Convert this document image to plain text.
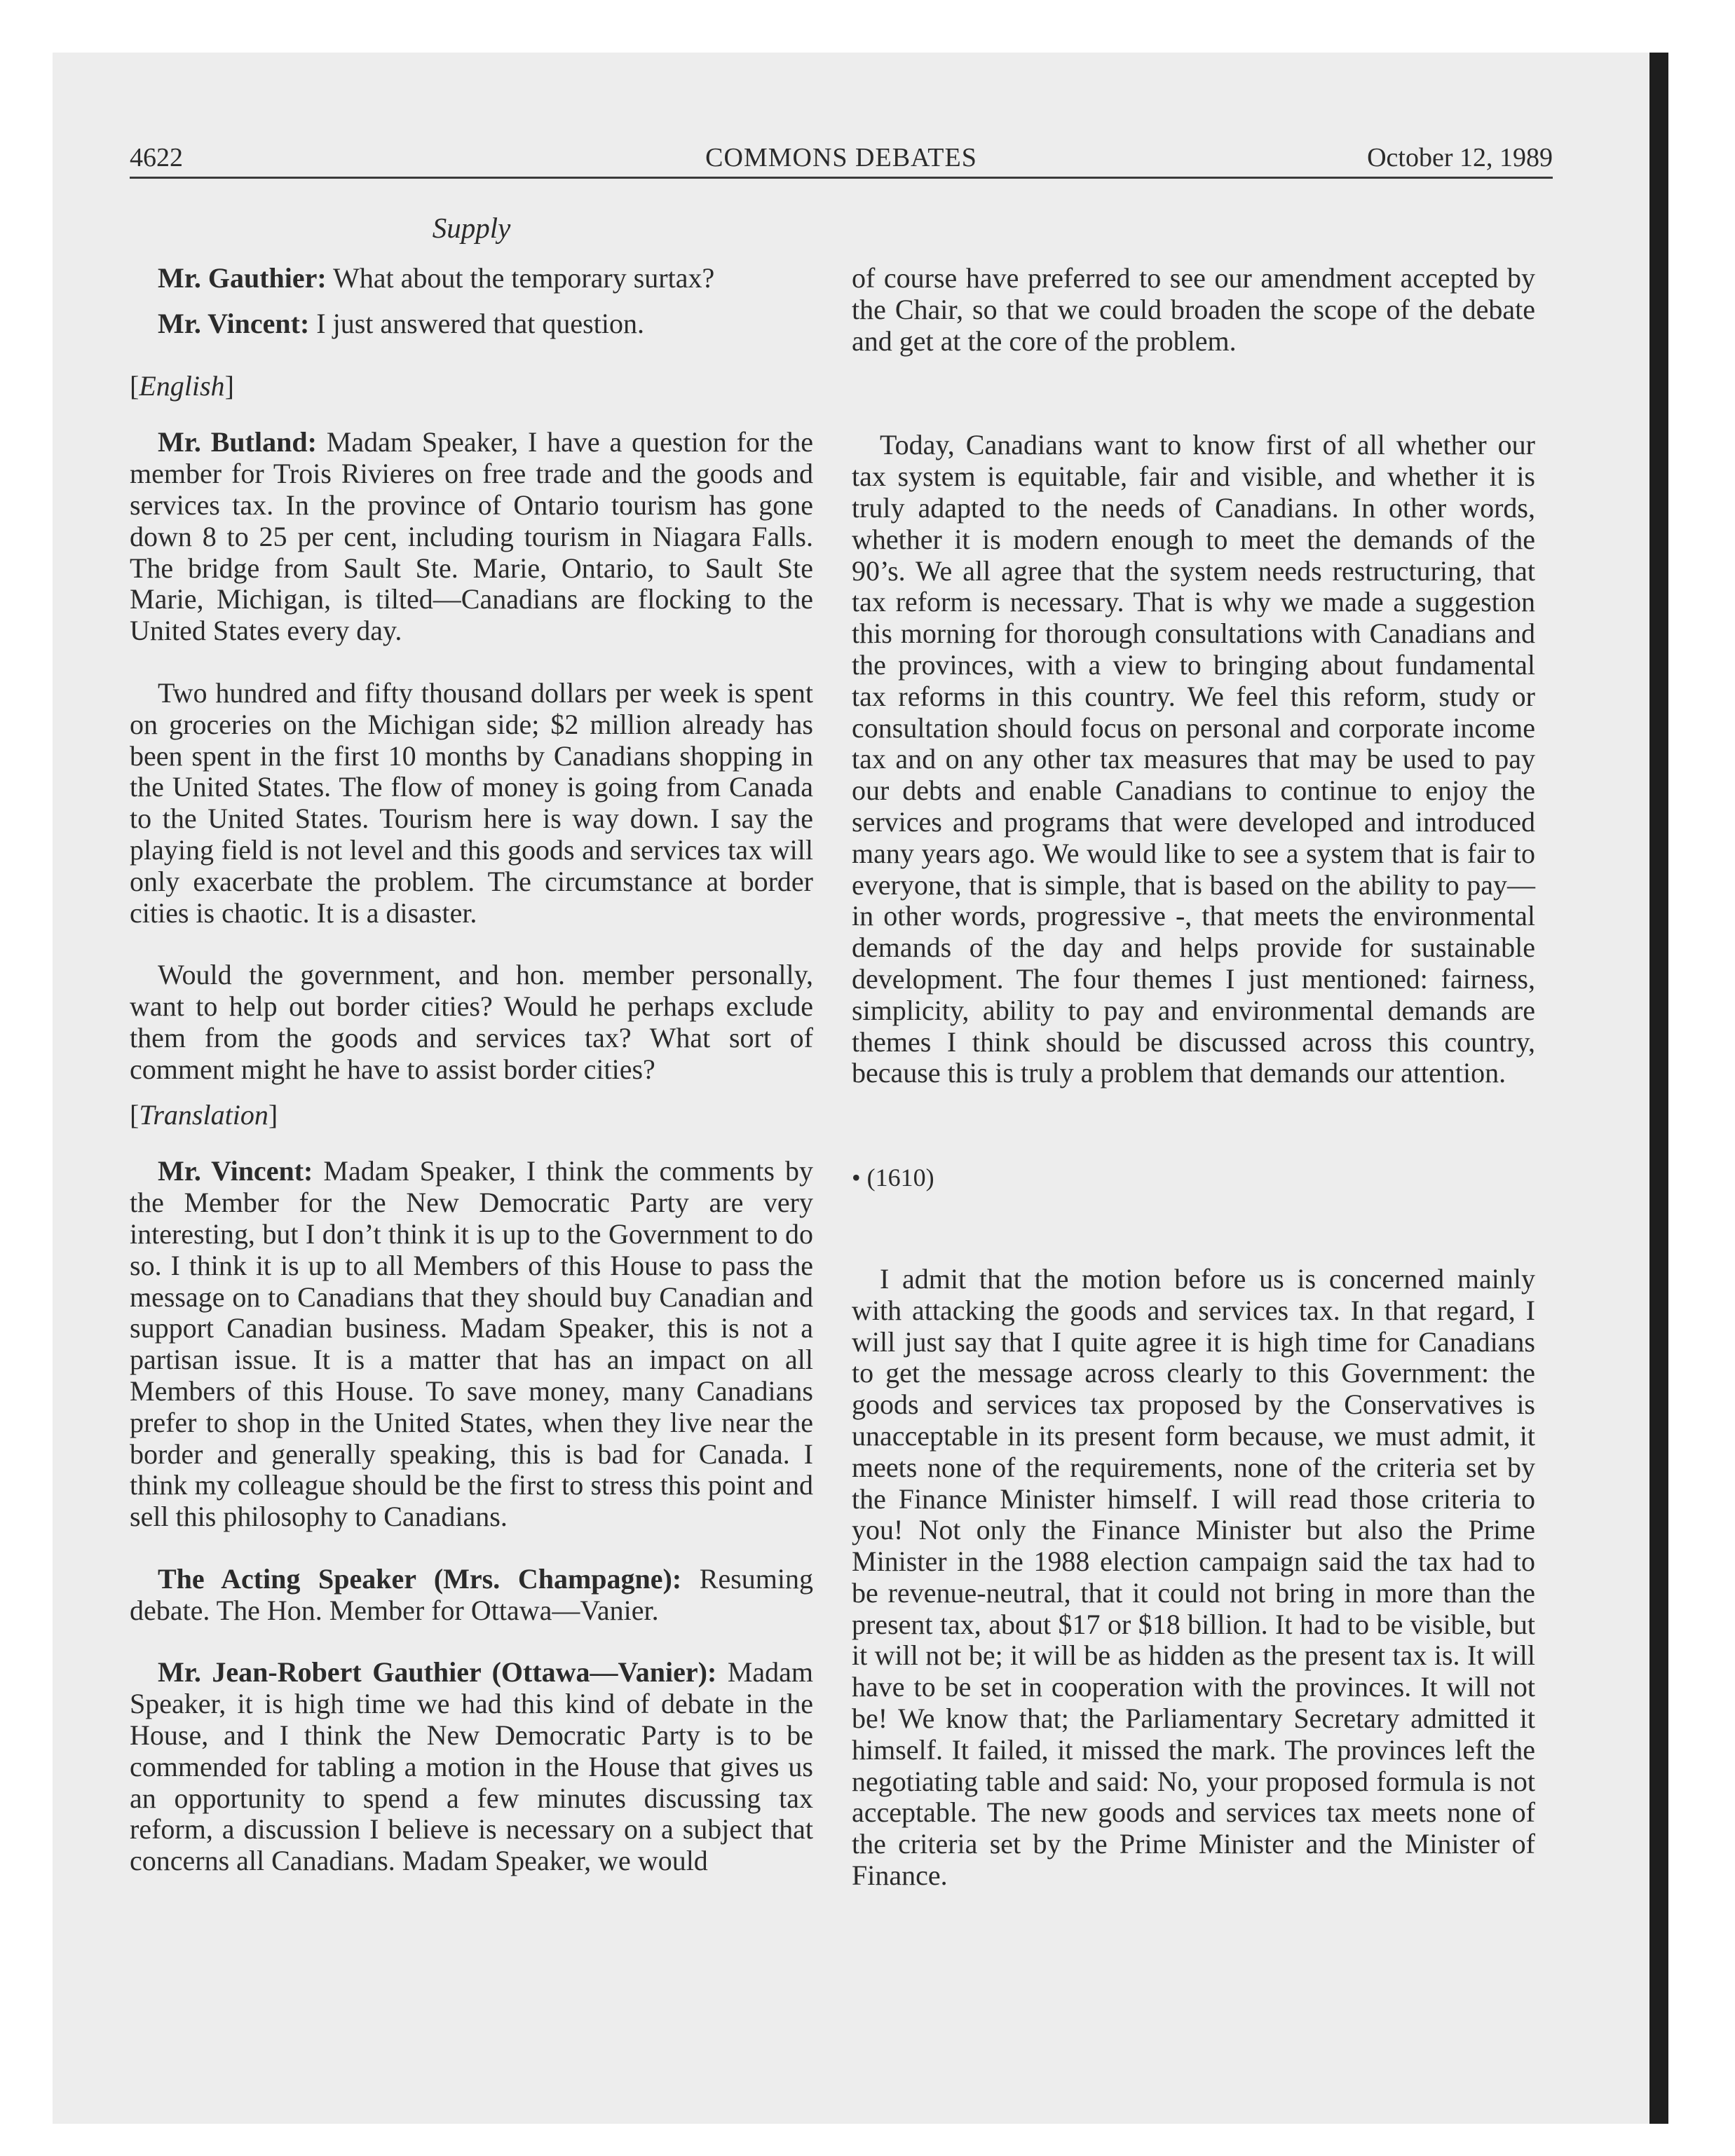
4622	COMMONS DEBATES	October 12, 1989
Supply

Mr. Gauthier: What about the temporary surtax?

Mr. Vincent: I just answered that question.

[English]

Mr. Butland: Madam Speaker, I have a question for the member for Trois Rivieres on free trade and the goods and services tax. In the province of Ontario tourism has gone down 8 to 25 per cent, including tourism in Niagara Falls. The bridge from Sault Ste. Marie, Ontario, to Sault Ste Marie, Michigan, is tilted—Canadians are flocking to the United States every day.

Two hundred and fifty thousand dollars per week is spent on groceries on the Michigan side; $2 million already has been spent in the first 10 months by Canadians shopping in the United States. The flow of money is going from Canada to the United States. Tourism here is way down. I say the playing field is not level and this goods and services tax will only exacerbate the problem. The circumstance at border cities is chaotic. It is a disaster.

Would the government, and hon. member personally, want to help out border cities? Would he perhaps exclude them from the goods and services tax? What sort of comment might he have to assist border cities?

[Translation]

Mr. Vincent: Madam Speaker, I think the comments by the Member for the New Democratic Party are very interesting, but I don’t think it is up to the Government to do so. I think it is up to all Members of this House to pass the message on to Canadians that they should buy Canadian and support Canadian business. Madam Speaker, this is not a partisan issue. It is a matter that has an impact on all Members of this House. To save money, many Canadians prefer to shop in the United States, when they live near the border and generally speaking, this is bad for Canada. I think my colleague should be the first to stress this point and sell this philosophy to Canadians.

The Acting Speaker (Mrs. Champagne): Resuming debate. The Hon. Member for Ottawa—Vanier.

Mr. Jean-Robert Gauthier (Ottawa—Vanier): Madam Speaker, it is high time we had this kind of debate in the House, and I think the New Democratic Party is to be commended for tabling a motion in the House that gives us an opportunity to spend a few minutes discussing tax reform, a discussion I believe is necessary on a subject that concerns all Canadians. Madam Speaker, we would

of course have preferred to see our amendment accepted by the Chair, so that we could broaden the scope of the debate and get at the core of the problem.

Today, Canadians want to know first of all whether our tax system is equitable, fair and visible, and whether it is truly adapted to the needs of Canadians. In other words, whether it is modern enough to meet the demands of the 90’s. We all agree that the system needs restructuring, that tax reform is necessary. That is why we made a suggestion this morning for thorough consultations with Canadians and the provinces, with a view to bringing about fundamental tax reforms in this country. We feel this reform, study or consultation should focus on personal and corporate income tax and on any other tax measures that may be used to pay our debts and enable Canadians to continue to enjoy the services and programs that were developed and introduced many years ago. We would like to see a system that is fair to everyone, that is simple, that is based on the ability to pay—in other words, progressive -, that meets the environmental demands of the day and helps provide for sustainable development. The four themes I just mentioned: fairness, simplicity, ability to pay and environmental demands are themes I think should be discussed across this country, because this is truly a problem that demands our attention.

• (1610)

I admit that the motion before us is concerned mainly with attacking the goods and services tax. In that regard, I will just say that I quite agree it is high time for Canadians to get the message across clearly to this Government: the goods and services tax proposed by the Conservatives is unacceptable in its present form because, we must admit, it meets none of the requirements, none of the criteria set by the Finance Minister himself. I will read those criteria to you! Not only the Finance Minister but also the Prime Minister in the 1988 election campaign said the tax had to be revenue-neutral, that it could not bring in more than the present tax, about $17 or $18 billion. It had to be visible, but it will not be; it will be as hidden as the present tax is. It will have to be set in cooperation with the provinces. It will not be! We know that; the Parliamentary Secretary admitted it himself. It failed, it missed the mark. The provinces left the negotiating table and said: No, your proposed formula is not acceptable. The new goods and services tax meets none of the criteria set by the Prime Minister and the Minister of Finance.
